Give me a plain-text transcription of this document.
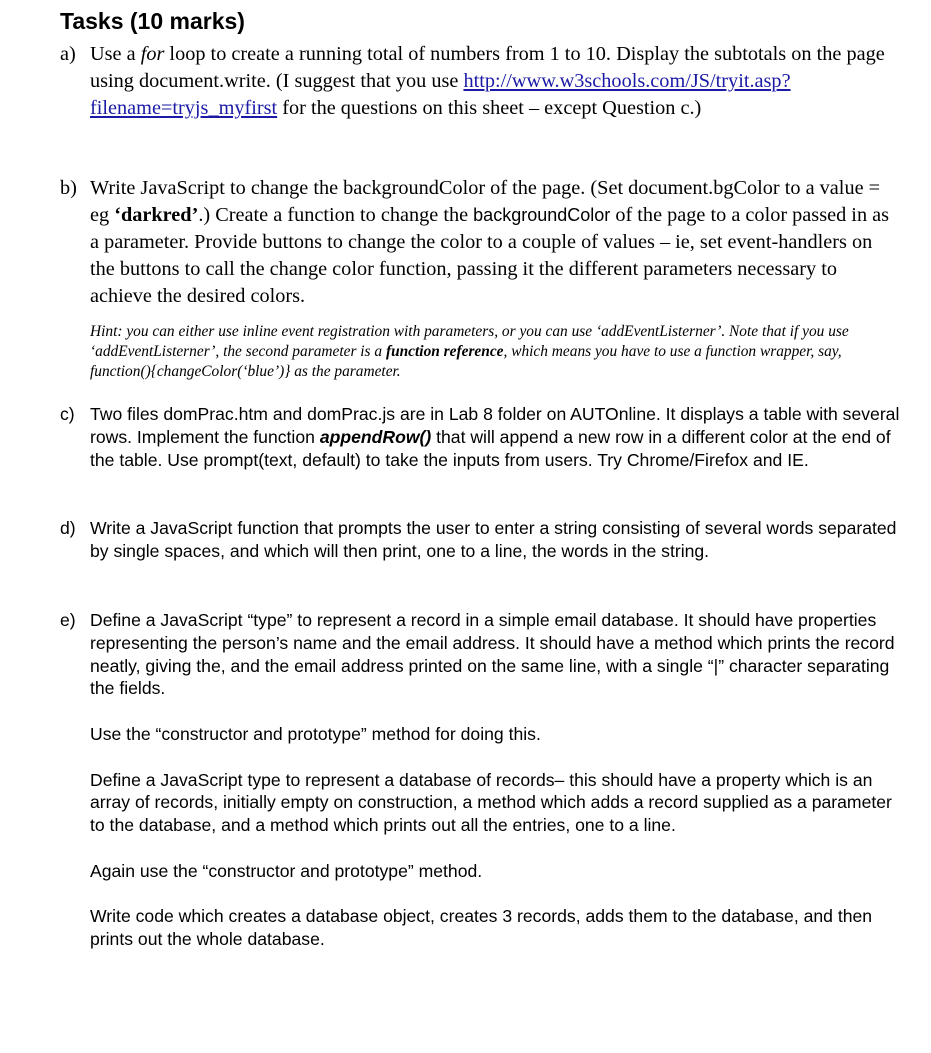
Tasks (10 marks)
a) Use a for loop to create a running total of numbers from 1 to 10. Display the subtotals on the page using document.write. (I suggest that you use http://www.w3schools.com/JS/tryit.asp?filename=tryjs_myfirst for the questions on this sheet – except Question c.)
b) Write JavaScript to change the backgroundColor of the page. (Set document.bgColor to a value = eg ‘darkred’.) Create a function to change the backgroundColor of the page to a color passed in as a parameter. Provide buttons to change the color to a couple of values – ie, set event-handlers on the buttons to call the change color function, passing it the different parameters necessary to achieve the desired colors.

Hint: you can either use inline event registration with parameters, or you can use ‘addEventListerner’. Note that if you use ‘addEventListerner’, the second parameter is a function reference, which means you have to use a function wrapper, say, function(){changeColor(‘blue’)} as the parameter.

c) Two files domPrac.htm and domPrac.js are in Lab 8 folder on AUTOnline. It displays a table with several rows. Implement the function appendRow() that will append a new row in a different color at the end of the table. Use prompt(text, default) to take the inputs from users. Try Chrome/Firefox and IE.
d) Write a JavaScript function that prompts the user to enter a string consisting of several words separated by single spaces, and which will then print, one to a line, the words in the string.
e) Define a JavaScript “type” to represent a record in a simple email database. It should have properties representing the person’s name and the email address. It should have a method which prints the record neatly, giving the, and the email address printed on the same line, with a single “|” character separating the fields.

Use the “constructor and prototype” method for doing this.

Define a JavaScript type to represent a database of records– this should have a property which is an array of records, initially empty on construction, a method which adds a record supplied as a parameter to the database, and a method which prints out all the entries, one to a line.

Again use the “constructor and prototype” method.

Write code which creates a database object, creates 3 records, adds them to the database, and then prints out the whole database.
